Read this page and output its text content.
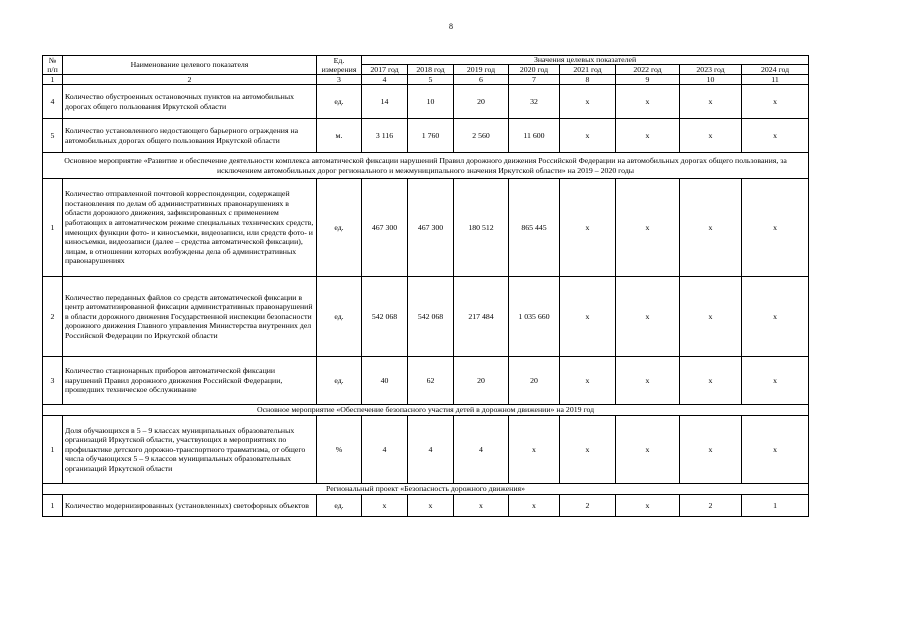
8
№ п/п	Наименование целевого показателя	Ед. измерения	Значения целевых показателей							
			2017 год	2018 год	2019 год	2020 год	2021 год	2022 год	2023 год	2024 год
1	2	3	4	5	6	7	8	9	10	11
4	Количество обустроенных остановочных пунктов на автомобильных дорогах общего пользования Иркутской области	ед.	14	10	20	32	х	х	х	х
5	Количество установленного недостающего барьерного ограждения на автомобильных дорогах общего пользования Иркутской области	м.	3 116	1 760	2 560	11 600	х	х	х	х
Основное мероприятие «Развитие и обеспечение деятельности комплекса автоматической фиксации нарушений Правил дорожного движения Российской Федерации на автомобильных дорогах общего пользования, за исключением автомобильных дорог регионального и межмуниципального значения Иркутской области» на 2019 – 2020 годы										
1	Количество отправленной почтовой корреспонденции, содержащей постановления по делам об административных правонарушениях в области дорожного движения, зафиксированных с применением работающих в автоматическом режиме специальных технических средств, имеющих функции фото- и киносъемки, видеозаписи, или средств фото- и киносъемки, видеозаписи (далее – средства автоматической фиксации), лицам, в отношении которых возбуждены дела об административных правонарушениях	ед.	467 300	467 300	180 512	865 445	х	х	х	х
2	Количество переданных файлов со средств автоматической фиксации в центр автоматизированной фиксации административных правонарушений в области дорожного движения Государственной инспекции безопасности дорожного движения Главного управления Министерства внутренних дел Российской Федерации по Иркутской области	ед.	542 068	542 068	217 484	1 035 660	х	х	х	х
3	Количество стационарных приборов автоматической фиксации нарушений Правил дорожного движения Российской Федерации, прошедших техническое обслуживание	ед.	40	62	20	20	х	х	х	х
Основное мероприятие «Обеспечение безопасного участия детей в дорожном движении» на 2019 год										
1	Доля обучающихся в 5 – 9 классах муниципальных образовательных организаций Иркутской области, участвующих в мероприятиях по профилактике детского дорожно-транспортного травматизма, от общего числа обучающихся 5 – 9 классов муниципальных образовательных организаций Иркутской области	%	4	4	4	х	х	х	х	х
Региональный проект «Безопасность дорожного движения»										
1	Количество модернизированных (установленных) светофорных объектов	ед.	х	х	х	х	2	х	2	1
